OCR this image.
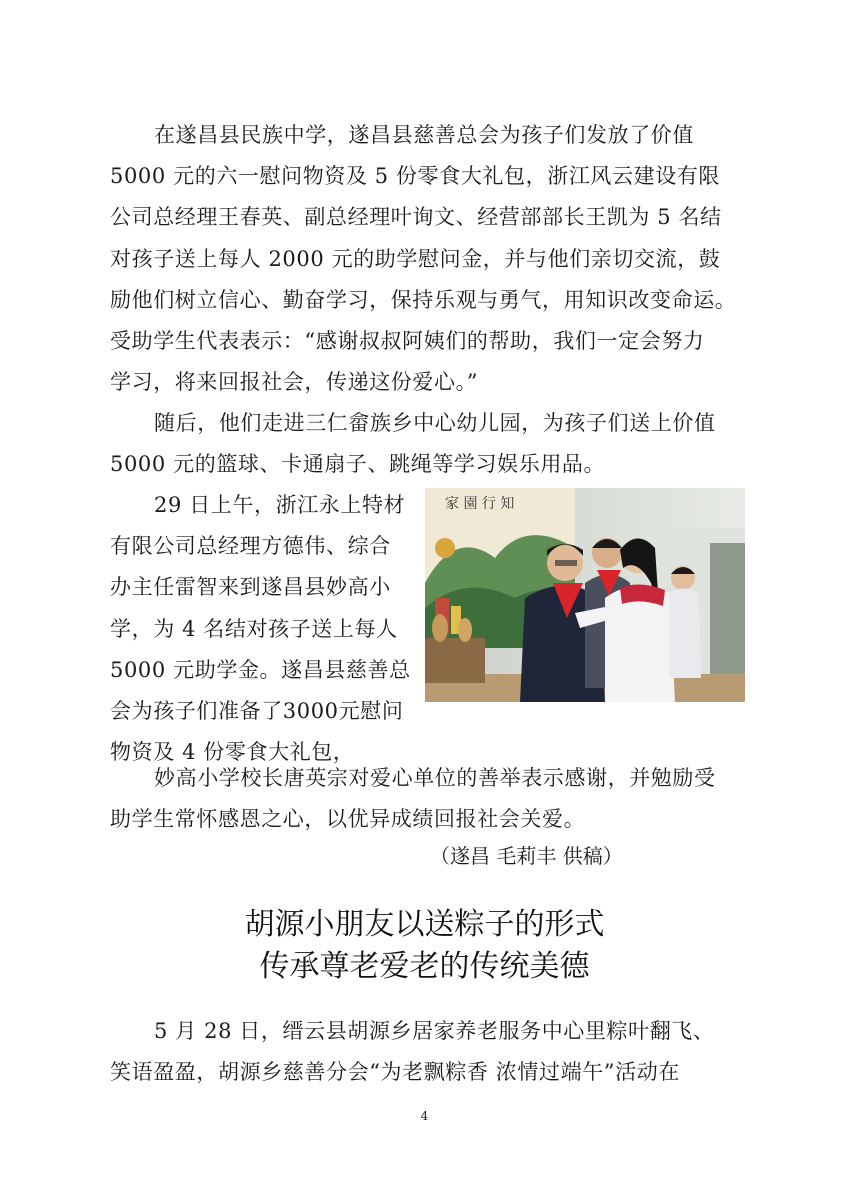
在遂昌县民族中学，遂昌县慈善总会为孩子们发放了价值
5000 元的六一慰问物资及 5 份零食大礼包，浙江风云建设有限
公司总经理王春英、副总经理叶询文、经营部部长王凯为 5 名结
对孩子送上每人 2000 元的助学慰问金，并与他们亲切交流，鼓
励他们树立信心、勤奋学习，保持乐观与勇气，用知识改变命运。
受助学生代表表示：“感谢叔叔阿姨们的帮助，我们一定会努力
学习，将来回报社会，传递这份爱心。”

随后，他们走进三仁畲族乡中心幼儿园，为孩子们送上价值
5000 元的篮球、卡通扇子、跳绳等学习娱乐用品。

29 日上午，浙江永上特材
有限公司总经理方德伟、综合
办主任雷智来到遂昌县妙高小
学，为 4 名结对孩子送上每人
5000 元助学金。遂昌县慈善总
会为孩子们准备了3000元慰问
物资及 4 份零食大礼包，

家 園 行 知

妙高小学校长唐英宗对爱心单位的善举表示感谢，并勉励受
助学生常怀感恩之心，以优异成绩回报社会关爱。

（遂昌 毛莉丰 供稿）
胡源小朋友以送粽子的形式
传承尊老爱老的传统美德

5 月 28 日，缙云县胡源乡居家养老服务中心里粽叶翻飞、
笑语盈盈，胡源乡慈善分会“为老飘粽香 浓情过端午”活动在

4
